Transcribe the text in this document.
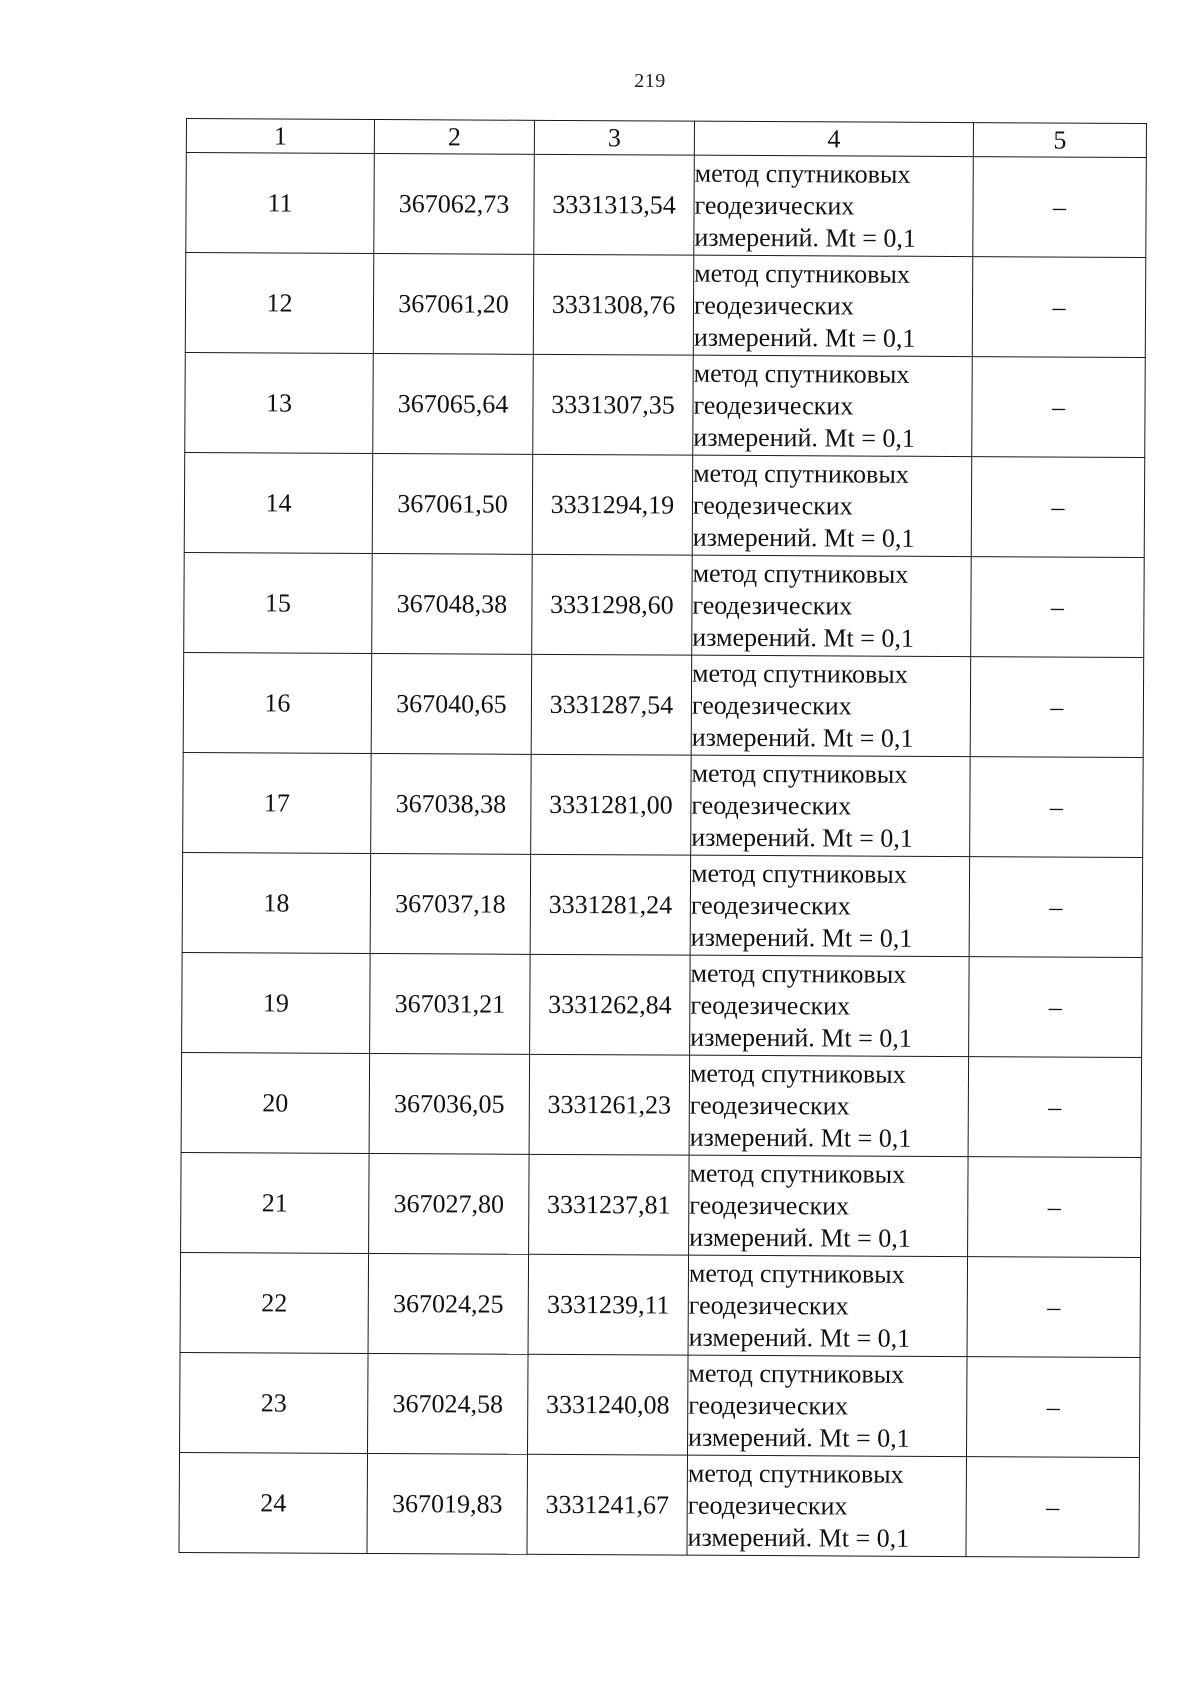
219
1	2	3	4	5
11	367062,73	3331313,54	метод спутниковых
геодезических
измерений. Mt = 0,1	–
12	367061,20	3331308,76	метод спутниковых
геодезических
измерений. Mt = 0,1	–
13	367065,64	3331307,35	метод спутниковых
геодезических
измерений. Mt = 0,1	–
14	367061,50	3331294,19	метод спутниковых
геодезических
измерений. Mt = 0,1	–
15	367048,38	3331298,60	метод спутниковых
геодезических
измерений. Mt = 0,1	–
16	367040,65	3331287,54	метод спутниковых
геодезических
измерений. Mt = 0,1	–
17	367038,38	3331281,00	метод спутниковых
геодезических
измерений. Mt = 0,1	–
18	367037,18	3331281,24	метод спутниковых
геодезических
измерений. Mt = 0,1	–
19	367031,21	3331262,84	метод спутниковых
геодезических
измерений. Mt = 0,1	–
20	367036,05	3331261,23	метод спутниковых
геодезических
измерений. Mt = 0,1	–
21	367027,80	3331237,81	метод спутниковых
геодезических
измерений. Mt = 0,1	–
22	367024,25	3331239,11	метод спутниковых
геодезических
измерений. Mt = 0,1	–
23	367024,58	3331240,08	метод спутниковых
геодезических
измерений. Mt = 0,1	–
24	367019,83	3331241,67	метод спутниковых
геодезических
измерений. Mt = 0,1	–
